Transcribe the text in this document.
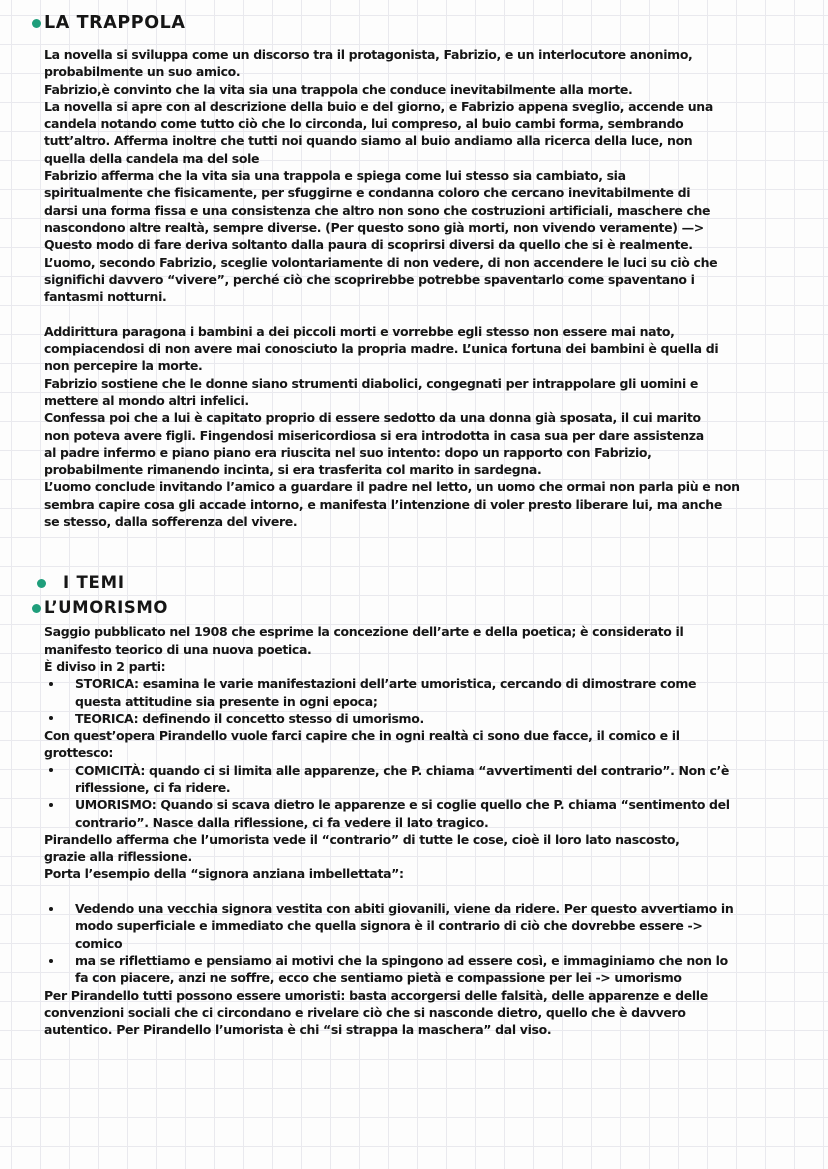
LA TRAPPOLA
La novella si sviluppa come un discorso tra il protagonista, Fabrizio, e un interlocutore anonimo,
probabilmente un suo amico.
Fabrizio,è convinto che la vita sia una trappola che conduce inevitabilmente alla morte.
La novella si apre con al descrizione della buio e del giorno, e Fabrizio appena sveglio, accende una
candela notando come tutto ciò che lo circonda, lui compreso, al buio cambi forma, sembrando
tutt’altro. Afferma inoltre che tutti noi quando siamo al buio andiamo alla ricerca della luce, non
quella della candela ma del sole
Fabrizio afferma che la vita sia una trappola e spiega come lui stesso sia cambiato, sia
spiritualmente che fisicamente, per sfuggirne e condanna coloro che cercano inevitabilmente di
darsi una forma fissa e una consistenza che altro non sono che costruzioni artificiali, maschere che
nascondono altre realtà, sempre diverse. (Per questo sono già morti, non vivendo veramente) —>
Questo modo di fare deriva soltanto dalla paura di scoprirsi diversi da quello che si è realmente.
L’uomo, secondo Fabrizio, sceglie volontariamente di non vedere, di non accendere le luci su ciò che
significhi davvero “vivere”, perché ciò che scoprirebbe potrebbe spaventarlo come spaventano i
fantasmi notturni.
Addirittura paragona i bambini a dei piccoli morti e vorrebbe egli stesso non essere mai nato,
compiacendosi di non avere mai conosciuto la propria madre. L’unica fortuna dei bambini è quella di
non percepire la morte.
Fabrizio sostiene che le donne siano strumenti diabolici, congegnati per intrappolare gli uomini e
mettere al mondo altri infelici.
Confessa poi che a lui è capitato proprio di essere sedotto da una donna già sposata, il cui marito
non poteva avere figli. Fingendosi misericordiosa si era introdotta in casa sua per dare assistenza
al padre infermo e piano piano era riuscita nel suo intento: dopo un rapporto con Fabrizio,
probabilmente rimanendo incinta, si era trasferita col marito in sardegna.
L’uomo conclude invitando l’amico a guardare il padre nel letto, un uomo che ormai non parla più e non
sembra capire cosa gli accade intorno, e manifesta l’intenzione di voler presto liberare lui, ma anche
se stesso, dalla sofferenza del vivere.
I TEMI
L’UMORISMO
Saggio pubblicato nel 1908 che esprime la concezione dell’arte e della poetica; è considerato il
manifesto teorico di una nuova poetica.
È diviso in 2 parti:
STORICA: esamina le varie manifestazioni dell’arte umoristica, cercando di dimostrare come
questa attitudine sia presente in ogni epoca;
TEORICA: definendo il concetto stesso di umorismo.
Con quest’opera Pirandello vuole farci capire che in ogni realtà ci sono due facce, il comico e il
grottesco:
COMICITÀ: quando ci si limita alle apparenze, che P. chiama “avvertimenti del contrario”. Non c’è
riflessione, ci fa ridere.
UMORISMO: Quando si scava dietro le apparenze e si coglie quello che P. chiama “sentimento del
contrario”. Nasce dalla riflessione, ci fa vedere il lato tragico.
Pirandello afferma che l’umorista vede il “contrario” di tutte le cose, cioè il loro lato nascosto,
grazie alla riflessione.
Porta l’esempio della “signora anziana imbellettata”:
Vedendo una vecchia signora vestita con abiti giovanili, viene da ridere. Per questo avvertiamo in
modo superficiale e immediato che quella signora è il contrario di ciò che dovrebbe essere ->
comico
ma se riflettiamo e pensiamo ai motivi che la spingono ad essere così, e immaginiamo che non lo
fa con piacere, anzi ne soffre, ecco che sentiamo pietà e compassione per lei -> umorismo
Per Pirandello tutti possono essere umoristi: basta accorgersi delle falsità, delle apparenze e delle
convenzioni sociali che ci circondano e rivelare ciò che si nasconde dietro, quello che è davvero
autentico. Per Pirandello l’umorista è chi “si strappa la maschera” dal viso.
